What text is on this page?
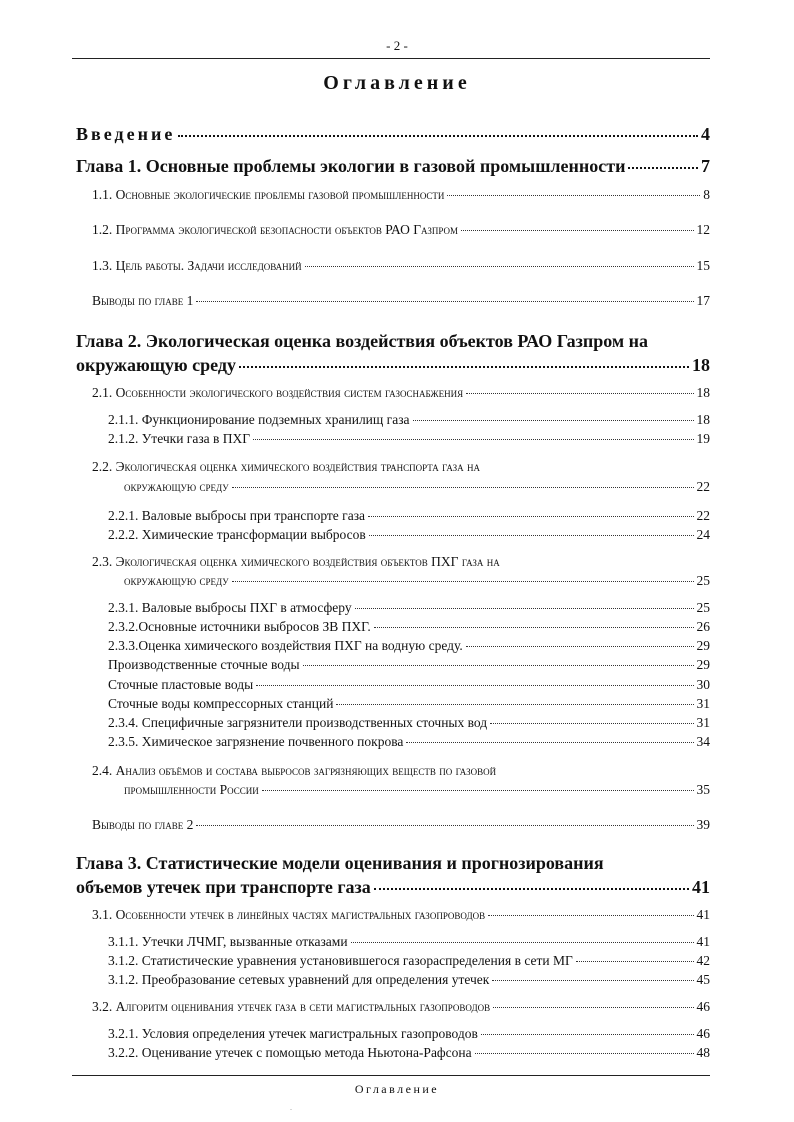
- 2 -
Оглавление
Введение	4
Глава 1. Основные проблемы экологии в газовой промышленности	7
1.1. Основные экологические проблемы газовой промышленности	8
1.2. Программа экологической безопасности объектов РАО Газпром	12
1.3. Цель работы. Задачи исследований	15
Выводы по главе 1	17
Глава 2. Экологическая оценка воздействия объектов РАО Газпром на
окружающую среду	18
2.1. Особенности экологического воздействия систем газоснабжения	18
2.1.1. Функционирование подземных хранилищ газа	18
2.1.2. Утечки газа в ПХГ	19
2.2. Экологическая оценка химического воздействия транспорта газа на
окружающую среду	22
2.2.1. Валовые выбросы при транспорте газа	22
2.2.2. Химические трансформации выбросов	24
2.3. Экологическая оценка химического воздействия объектов ПХГ газа на
окружающую среду	25
2.3.1. Валовые выбросы ПХГ в атмосферу	25
2.3.2.Основные источники выбросов ЗВ ПХГ.	26
2.3.3.Оценка химического воздействия ПХГ на водную среду.	29
Производственные сточные воды	29
Сточные пластовые воды	30
Сточные воды компрессорных станций	31
2.3.4. Специфичные загрязнители производственных сточных вод	31
2.3.5. Химическое загрязнение почвенного покрова	34
2.4. Анализ объёмов и состава выбросов загрязняющих веществ по газовой
промышленности России	35
Выводы по главе 2	39
Глава 3. Статистические модели оценивания и прогнозирования
объемов утечек при транспорте газа	41
3.1. Особенности утечек в линейных частях магистральных газопроводов	41
3.1.1. Утечки ЛЧМГ, вызванные отказами	41
3.1.2. Статистические уравнения установившегося газораспределения в сети МГ	42
3.1.2. Преобразование сетевых уравнений для определения утечек	45
3.2. Алгоритм оценивания утечек газа в сети магистральных газопроводов	46
3.2.1. Условия определения утечек магистральных газопроводов	46
3.2.2. Оценивание утечек с помощью метода Ньютона-Рафсона	48
Оглавление
.
